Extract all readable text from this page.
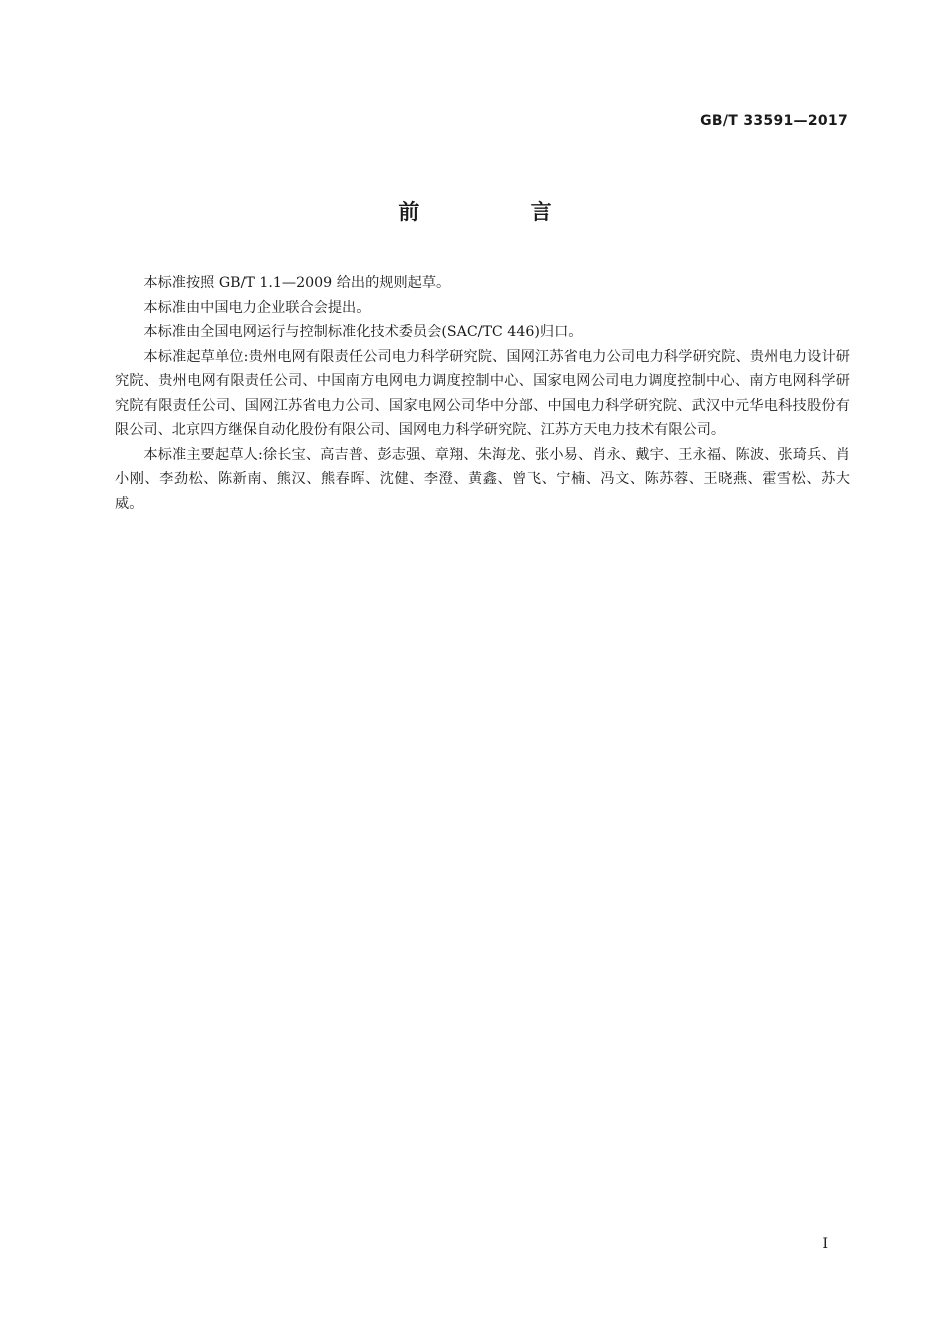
GB/T 33591—2017
前 言

本标准按照 GB/T 1.1—2009 给出的规则起草。

本标准由中国电力企业联合会提出。

本标准由全国电网运行与控制标准化技术委员会(SAC/TC 446)归口。

本标准起草单位:贵州电网有限责任公司电力科学研究院、国网江苏省电力公司电力科学研究院、贵州电力设计研究院、贵州电网有限责任公司、中国南方电网电力调度控制中心、国家电网公司电力调度控制中心、南方电网科学研究院有限责任公司、国网江苏省电力公司、国家电网公司华中分部、中国电力科学研究院、武汉中元华电科技股份有限公司、北京四方继保自动化股份有限公司、国网电力科学研究院、江苏方天电力技术有限公司。

本标准主要起草人:徐长宝、高吉普、彭志强、章翔、朱海龙、张小易、肖永、戴宇、王永福、陈波、张琦兵、肖小刚、李劲松、陈新南、熊汉、熊春晖、沈健、李澄、黄鑫、曾飞、宁楠、冯文、陈苏蓉、王晓燕、霍雪松、苏大威。

I
